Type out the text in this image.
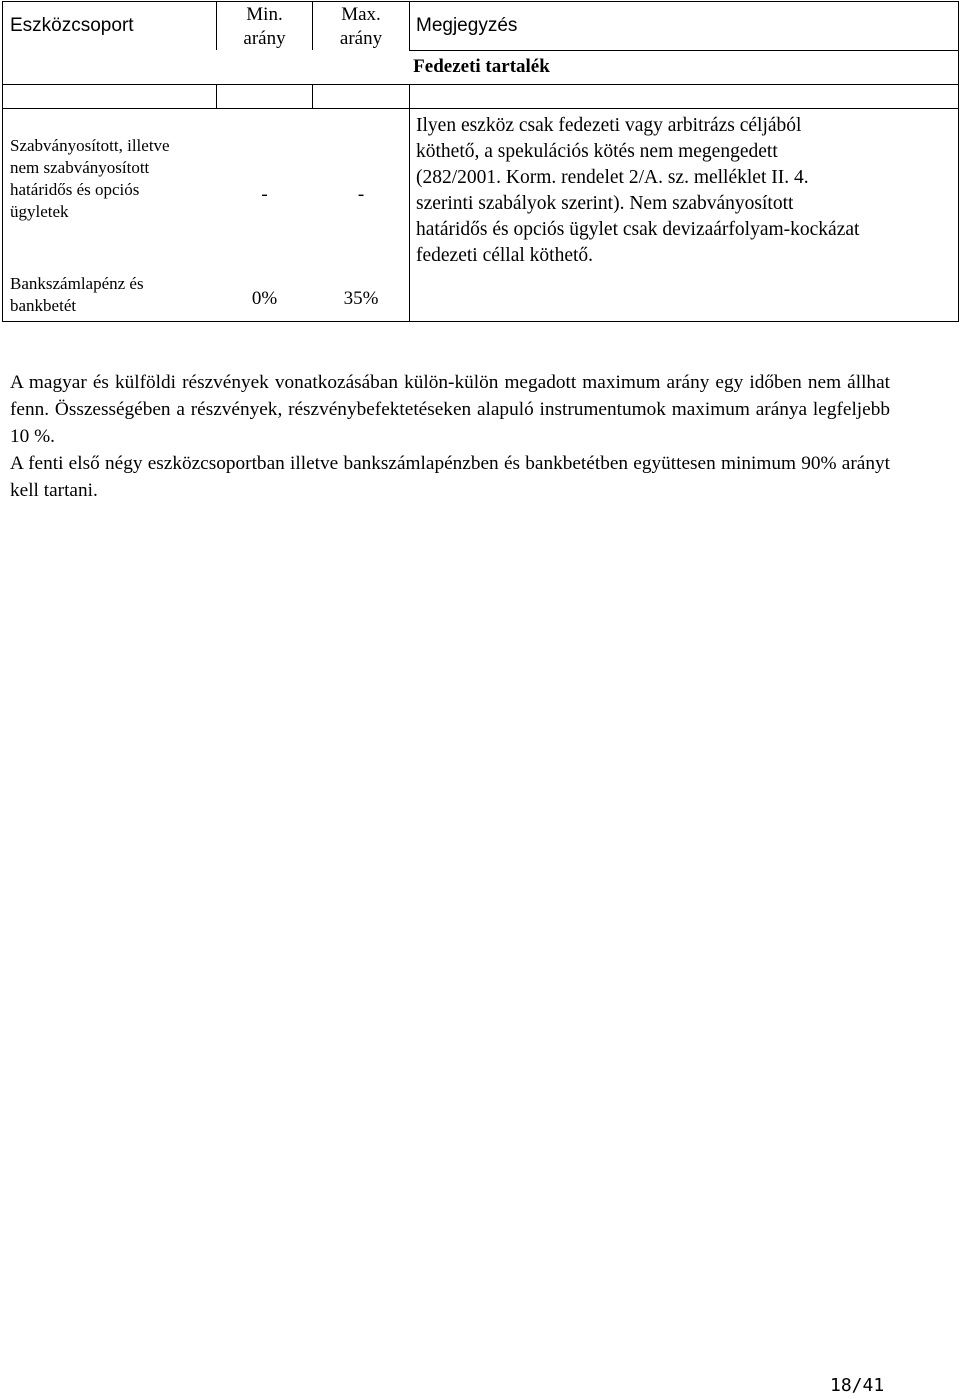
Eszközcsoport
Min.
arány
Max.
arány
Megjegyzés
Fedezeti tartalék
Szabványosított, illetve
nem szabványosított
határidős és opciós
ügyletek
Bankszámlapénz és
bankbetét
-	-
0%	35%
Ilyen eszköz csak fedezeti vagy arbitrázs céljából
köthető, a spekulációs kötés nem megengedett
(282/2001. Korm. rendelet 2/A. sz. melléklet II. 4.
szerinti szabályok szerint). Nem szabványosított
határidős és opciós ügylet csak devizaárfolyam-kockázat
fedezeti céllal köthető.
A magyar és külföldi részvények vonatkozásában külön-külön megadott maximum arány egy időben nem állhat fenn. Összességében a részvények, részvénybefektetéseken alapuló instrumentumok maximum aránya legfeljebb 10 %.
A fenti első négy eszközcsoportban illetve bankszámlapénzben és bankbetétben együttesen minimum 90% arányt kell tartani.
18/41
